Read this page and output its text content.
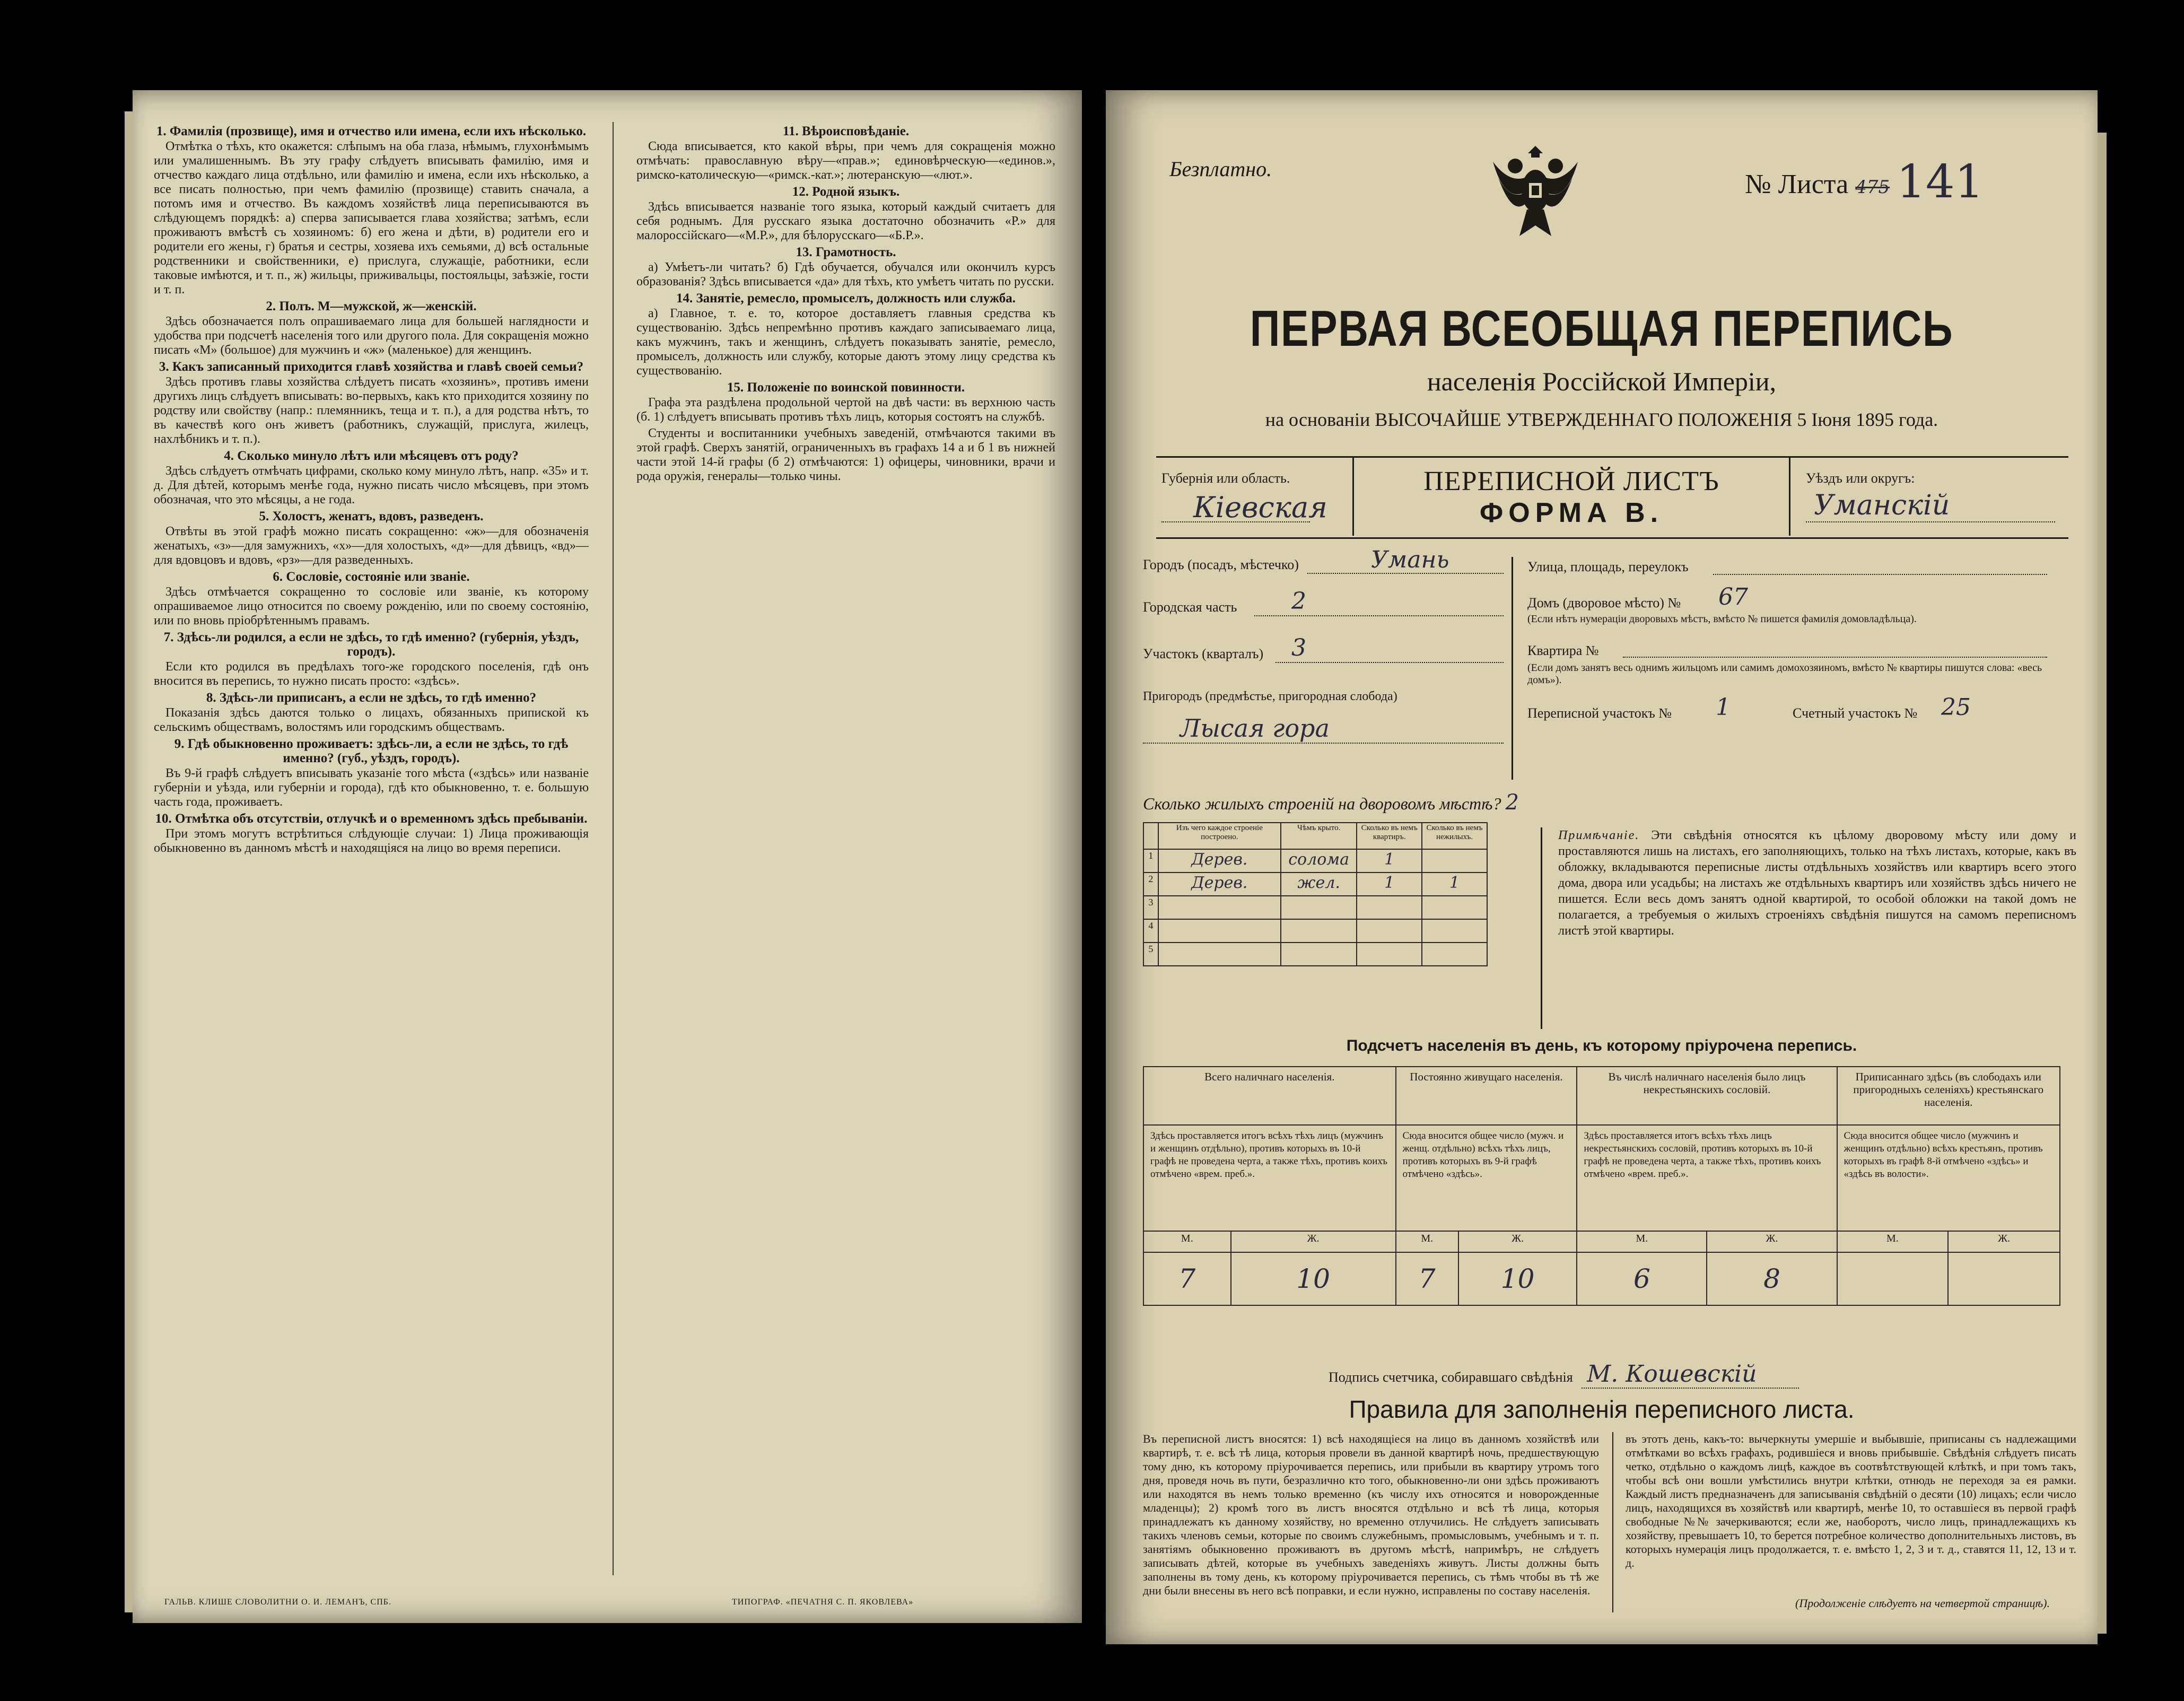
1. Фамилія (прозвище), имя и отчество или имена, если ихъ нѣсколько.

Отмѣтка о тѣхъ, кто окажется: слѣпымъ на оба глаза, нѣмымъ, глухонѣмымъ или умалишеннымъ. Въ эту графу слѣдуетъ вписывать фамилію, имя и отчество каждаго лица отдѣльно, или фамилію и имена, если ихъ нѣсколько, а все писать полностью, при чемъ фамилію (прозвище) ставить сначала, а потомъ имя и отчество. Въ каждомъ хозяйствѣ лица переписываются въ слѣдующемъ порядкѣ: а) сперва записывается глава хозяйства; затѣмъ, если проживаютъ вмѣстѣ съ хозяиномъ: б) его жена и дѣти, в) родители его и родители его жены, г) братья и сестры, хозяева ихъ семьями, д) всѣ остальные родственники и свойственники, е) прислуга, служащіе, работники, если таковые имѣются, и т. п., ж) жильцы, приживальцы, постояльцы, заѣзжіе, гости и т. п.

2. Полъ. М—мужской, ж—женскій.

Здѣсь обозначается полъ опрашиваемаго лица для большей наглядности и удобства при подсчетѣ населенія того или другого пола. Для сокращенія можно писать «М» (большое) для мужчинъ и «ж» (маленькое) для женщинъ.

3. Какъ записанный приходится главѣ хозяйства и главѣ своей семьи?

Здѣсь противъ главы хозяйства слѣдуетъ писать «хозяинъ», противъ имени другихъ лицъ слѣдуетъ вписывать: во-первыхъ, какъ кто приходится хозяину по родству или свойству (напр.: племянникъ, теща и т. п.), а для родства нѣтъ, то въ качествѣ кого онъ живетъ (работникъ, служащій, прислуга, жилецъ, нахлѣбникъ и т. п.).

4. Сколько минуло лѣтъ или мѣсяцевъ отъ роду?

Здѣсь слѣдуетъ отмѣчать цифрами, сколько кому минуло лѣтъ, напр. «35» и т. д. Для дѣтей, которымъ менѣе года, нужно писать число мѣсяцевъ, при этомъ обозначая, что это мѣсяцы, а не года.

5. Холостъ, женатъ, вдовъ, разведенъ.

Отвѣты въ этой графѣ можно писать сокращенно: «ж»—для обозначенія женатыхъ, «з»—для замужнихъ, «х»—для холостыхъ, «д»—для дѣвицъ, «вд»—для вдовцовъ и вдовъ, «рз»—для разведенныхъ.

6. Сословіе, состояніе или званіе.

Здѣсь отмѣчается сокращенно то сословіе или званіе, къ которому опрашиваемое лицо относится по своему рожденію, или по своему состоянію, или по вновь пріобрѣтеннымъ правамъ.

7. Здѣсь-ли родился, а если не здѣсь, то гдѣ именно? (губернія, уѣздъ, городъ).

Если кто родился въ предѣлахъ того-же городского поселенія, гдѣ онъ вносится въ перепись, то нужно писать просто: «здѣсь».

8. Здѣсь-ли приписанъ, а если не здѣсь, то гдѣ именно?

Показанія здѣсь даются только о лицахъ, обязанныхъ припиской къ сельскимъ обществамъ, волостямъ или городскимъ обществамъ.

9. Гдѣ обыкновенно проживаетъ: здѣсь-ли, а если не здѣсь, то гдѣ именно? (губ., уѣздъ, городъ).

Въ 9-й графѣ слѣдуетъ вписывать указаніе того мѣста («здѣсь» или названіе губерніи и уѣзда, или губерніи и города), гдѣ кто обыкновенно, т. е. большую часть года, проживаетъ.

10. Отмѣтка объ отсутствіи, отлучкѣ и о временномъ здѣсь пребываніи.

При этомъ могутъ встрѣтиться слѣдующіе случаи: 1) Лица проживающія обыкновенно въ данномъ мѣстѣ и находящіяся на лицо во время переписи.

11. Вѣроисповѣданіе.

Сюда вписывается, кто какой вѣры, при чемъ для сокращенія можно отмѣчать: православную вѣру—«прав.»; единовѣрческую—«единов.», римско-католическую—«римск.-кат.»; лютеранскую—«лют.».

12. Родной языкъ.

Здѣсь вписывается названіе того языка, который каждый считаетъ для себя роднымъ. Для русскаго языка достаточно обозначить «Р.» для малороссійскаго—«М.Р.», для бѣлорусскаго—«Б.Р.».

13. Грамотность.

а) Умѣетъ-ли читать? б) Гдѣ обучается, обучался или окончилъ курсъ образованія? Здѣсь вписывается «да» для тѣхъ, кто умѣетъ читать по русски.

14. Занятіе, ремесло, промыселъ, должность или служба.

а) Главное, т. е. то, которое доставляетъ главныя средства къ существованію. Здѣсь непремѣнно противъ каждаго записываемаго лица, какъ мужчинъ, такъ и женщинъ, слѣдуетъ показывать занятіе, ремесло, промыселъ, должность или службу, которые даютъ этому лицу средства къ существованію.

15. Положеніе по воинской повинности.

Графа эта раздѣлена продольной чертой на двѣ части: въ верхнюю часть (б. 1) слѣдуетъ вписывать противъ тѣхъ лицъ, которыя состоятъ на службѣ.

Студенты и воспитанники учебныхъ заведеній, отмѣчаются такими въ этой графѣ. Сверхъ занятій, ограниченныхъ въ графахъ 14 а и б 1 въ нижней части этой 14-й графы (б 2) отмѣчаются: 1) офицеры, чиновники, врачи и рода оружія, генералы—только чины.

ГАЛЬВ. КЛИШЕ СЛОВОЛИТНИ О. И. ЛЕМАНЪ, СПБ.	ТИПОГРАФ. «ПЕЧАТНЯ С. П. ЯКОВЛЕВА»
Безплатно.
№ Листа 475 141
ПЕРВАЯ ВСЕОБЩАЯ ПЕРЕПИСЬ
населенія Россійской Имперіи,
на основаніи ВЫСОЧАЙШЕ УТВЕРЖДЕННАГО ПОЛОЖЕНІЯ 5 Іюня 1895 года.
Губернія или область.
Кіевская
ПЕРЕПИСНОЙ ЛИСТЪ
ФОРМА В.
Уѣздъ или округъ:
Уманскій
Городъ (посадъ, мѣстечко)	Умань
Городская часть 2
Участокъ (кварталъ) 3
Пригородъ (предмѣстье, пригородная слобода)
Лысая гора
Улица, площадь, переулокъ
Домъ (дворовое мѣсто) № 67
(Если нѣтъ нумераціи дворовыхъ мѣстъ, вмѣсто № пишется фамилія домовладѣльца).
Квартира №
(Если домъ занятъ весь однимъ жильцомъ или самимъ домохозяиномъ, вмѣсто № квартиры пишутся слова: «весь домъ»).
Переписной участокъ № 1	Счетный участокъ № 25
Сколько жилыхъ строеній на дворовомъ мѣстѣ? 2
	Изъ чего каждое строеніе построено.	Чѣмъ крыто.	Сколько въ немъ квартиръ.	Сколько въ немъ нежилыхъ.
1	Дерев.	солома	1	
2	Дерев.	жел.	1	1
3				
4				
5				
Примѣчаніе. Эти свѣдѣнія относятся къ цѣлому дворовому мѣсту или дому и проставляются лишь на листахъ, его заполняющихъ, только на тѣхъ листахъ, которые, какъ въ обложку, вкладываются переписные листы отдѣльныхъ хозяйствъ или квартиръ всего этого дома, двора или усадьбы; на листахъ же отдѣльныхъ квартиръ или хозяйствъ здѣсь ничего не пишется. Если весь домъ занятъ одной квартирой, то особой обложки на такой домъ не полагается, а требуемыя о жилыхъ строеніяхъ свѣдѣнія пишутся на самомъ переписномъ листѣ этой квартиры.
Подсчетъ населенія въ день, къ которому пріурочена перепись.
Всего наличнаго населенія.		Постоянно живущаго населенія.		Въ числѣ наличнаго населенія было лицъ некрестьянскихъ сословій.		Приписаннаго здѣсь (въ слободахъ или пригородныхъ селеніяхъ) крестьянскаго населенія.	
Здѣсь проставляется итогъ всѣхъ тѣхъ лицъ (мужчинъ и женщинъ отдѣльно), противъ которыхъ въ 10-й графѣ не проведена черта, а также тѣхъ, противъ коихъ отмѣчено «врем. преб.».		Сюда вносится общее число (мужч. и женщ. отдѣльно) всѣхъ тѣхъ лицъ, противъ которыхъ въ 9-й графѣ отмѣчено «здѣсь».		Здѣсь проставляется итогъ всѣхъ тѣхъ лицъ некрестьянскихъ сословій, противъ которыхъ въ 10-й графѣ не проведена черта, а также тѣхъ, противъ коихъ отмѣчено «врем. преб.».		Сюда вносится общее число (мужчинъ и женщинъ отдѣльно) всѣхъ крестьянъ, противъ которыхъ въ графѣ 8-й отмѣчено «здѣсь» и «здѣсь въ волости».	
М.	Ж.	М.	Ж.	М.	Ж.	М.	Ж.
7	10	7	10	6	8		
Подпись счетчика, собиравшаго свѣдѣнія М. Кошевскій
Правила для заполненія переписного листа.
Въ переписной листъ вносятся: 1) всѣ находящіеся на лицо въ данномъ хозяйствѣ или квартирѣ, т. е. всѣ тѣ лица, которыя провели въ данной квартирѣ ночь, предшествующую тому дню, къ которому пріурочивается перепись, или прибыли въ квартиру утромъ того дня, проведя ночь въ пути, безразлично кто того, обыкновенно-ли они здѣсь проживаютъ или находятся въ немъ только временно (къ числу ихъ относятся и новорожденные младенцы); 2) кромѣ того въ листъ вносятся отдѣльно и всѣ тѣ лица, которыя принадлежатъ къ данному хозяйству, но временно отлучились. Не слѣдуетъ записывать такихъ членовъ семьи, которые по своимъ служебнымъ, промысловымъ, учебнымъ и т. п. занятіямъ обыкновенно проживаютъ въ другомъ мѣстѣ, напримѣръ, не слѣдуетъ записывать дѣтей, которые въ учебныхъ заведеніяхъ живутъ. Листы должны быть заполнены въ тому день, къ которому пріурочивается перепись, съ тѣмъ чтобы въ тѣ же дни были внесены въ него всѣ поправки, и если нужно, исправлены по составу населенія.
въ этотъ день, какъ-то: вычеркнуты умершіе и выбывшіе, приписаны съ надлежащими отмѣтками во всѣхъ графахъ, родившіеся и вновь прибывшіе. Свѣдѣнія слѣдуетъ писать четко, отдѣльно о каждомъ лицѣ, каждое въ соотвѣтствующей клѣткѣ, и при томъ такъ, чтобы всѣ они вошли умѣстились внутри клѣтки, отнюдь не переходя за ея рамки. Каждый листъ предназначенъ для записыванія свѣдѣній о десяти (10) лицахъ; если число лицъ, находящихся въ хозяйствѣ или квартирѣ, менѣе 10, то оставшіеся въ первой графѣ свободные №№ зачеркиваются; если же, наоборотъ, число лицъ, принадлежащихъ къ хозяйству, превышаетъ 10, то берется потребное количество дополнительныхъ листовъ, въ которыхъ нумерація лицъ продолжается, т. е. вмѣсто 1, 2, 3 и т. д., ставятся 11, 12, 13 и т. д.
(Продолженіе слѣдуетъ на четвертой страницѣ).
